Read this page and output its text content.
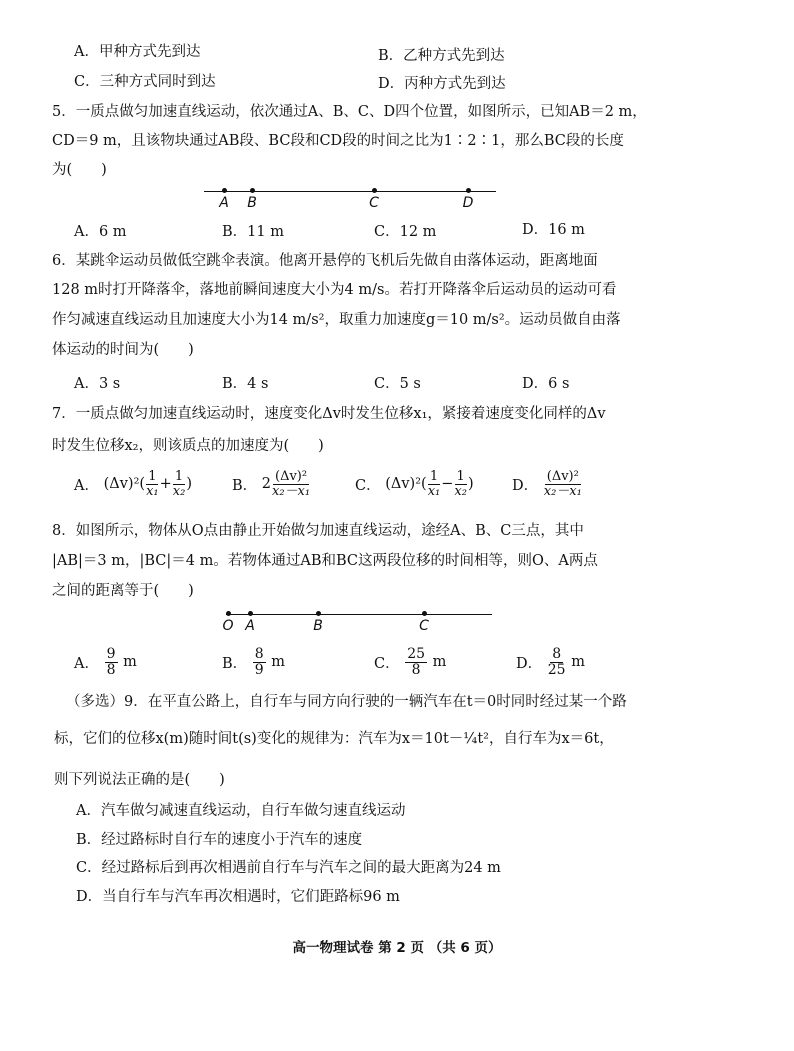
A．甲种方式先到达	B．乙种方式先到达
C．三种方式同时到达	D．丙种方式先到达
5．一质点做匀加速直线运动，依次通过A、B、C、D四个位置，如图所示，已知AB＝2 m，
CD＝9 m，且该物块通过AB段、BC段和CD段的时间之比为1∶2∶1，那么BC段的长度
为(　　)
A B	C	D
A．6 m	B．11 m	C．12 m	D．16 m
6．某跳伞运动员做低空跳伞表演。他离开悬停的飞机后先做自由落体运动，距离地面
128 m时打开降落伞，落地前瞬间速度大小为4 m/s。若打开降落伞后运动员的运动可看
作匀减速直线运动且加速度大小为14 m/s²，取重力加速度g＝10 m/s²。运动员做自由落
体运动的时间为(　　)
A．3 s	B．4 s	C．5 s	D．6 s
7．一质点做匀加速直线运动时，速度变化Δv时发生位移x₁，紧接着速度变化同样的Δv
时发生位移x₂，则该质点的加速度为(　　)
A．
(Δv)² ( $\frac{1}{\text{x₁}} + \frac{1}{\text{x₂}}$ )	B．
$2 \frac{\text{(Δv)²}}{\text{x₂－x₁}}$	C．
(Δv)² ( $\frac{1}{\text{x₁}} - \frac{1}{\text{x₂}}$ )	D．
$\frac{\text{(Δv)²}}{\text{x₂－x₁}}$
8．如图所示，物体从O点由静止开始做匀加速直线运动，途经A、B、C三点，其中
|AB|＝3 m，|BC|＝4 m。若物体通过AB和BC这两段位移的时间相等，则O、A两点
之间的距离等于(　　)
O A	B	C
A．
$\frac{9}{8}$
m	B．
$\frac{8}{9}$
m	C．
$\frac{25}{8}$
m	D．
$\frac{8}{25}$
m
（多选）9．在平直公路上，自行车与同方向行驶的一辆汽车在t＝0时同时经过某一个路
标，它们的位移x(m)随时间t(s)变化的规律为：汽车为x＝10t－¼t²，自行车为x＝6t，
则下列说法正确的是(　　)
A．汽车做匀减速直线运动，自行车做匀速直线运动
B．经过路标时自行车的速度小于汽车的速度
C．经过路标后到再次相遇前自行车与汽车之间的最大距离为24 m
D．当自行车与汽车再次相遇时，它们距路标96 m
高一物理试卷 第 2 页 （共 6 页）
